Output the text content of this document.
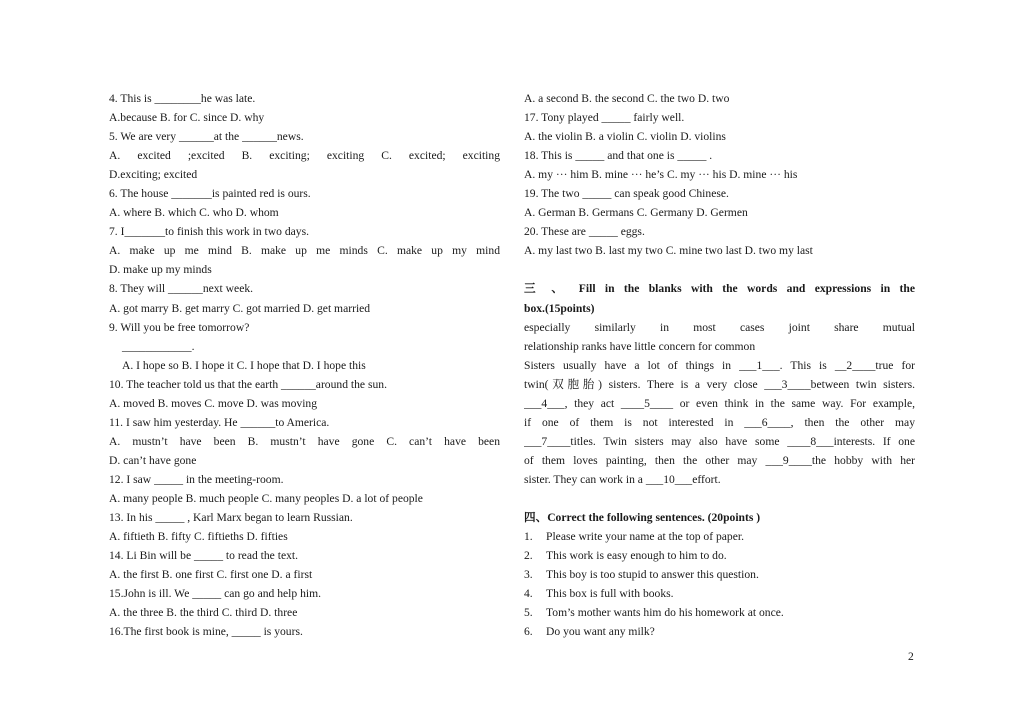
4. This is ________he was late.
A.because B. for C. since D. why
5. We are very ______at the ______news.
A. excited ;excited B. exciting; exciting C. excited; exciting
D.exciting; excited
6. The house _______is painted red is ours.
A. where B. which C. who D. whom
7. I_______to finish this work in two days.
A. make up me mind B. make up me minds C. make up my mind
D. make up my minds
8. They will ______next week.
A. got marry B. get marry C. got married D. get married
9. Will you be free tomorrow?
____________.
A. I hope so B. I hope it C. I hope that D. I hope this
10. The teacher told us that the earth ______around the sun.
A. moved B. moves C. move D. was moving
11. I saw him yesterday. He ______to America.
A. mustn’t have been B. mustn’t have gone C. can’t have been
D. can’t have gone
12. I saw _____ in the meeting-room.
A. many people B. much people C. many peoples D. a lot of people
13. In his _____ , Karl Marx began to learn Russian.
A. fiftieth B. fifty C. fiftieths D. fifties
14. Li Bin will be _____ to read the text.
A. the first B. one first C. first one D. a first
15.John is ill. We _____ can go and help him.
A. the three B. the third C. third D. three
16.The first book is mine, _____ is yours.
A. a second B. the second C. the two D. two
17. Tony played _____ fairly well.
A. the violin B. a violin C. violin D. violins
18. This is _____ and that one is _____ .
A. my ··· him B. mine ··· he’s C. my ··· his D. mine ··· his
19. The two _____ can speak good Chinese.
A. German B. Germans C. Germany D. Germen
20. These are _____ eggs.
A. my last two B. last my two C. mine two last D. two my last
三 、 Fill in the blanks with the words and expressions in the
box.(15points)
especially similarly in most cases joint share mutual
relationship ranks have little concern for common
Sisters usually have a lot of things in ___1___. This is __2____true for
twin(双胞胎) sisters. There is a very close ___3____between twin sisters.
___4___, they act ____5____ or even think in the same way. For example,
if one of them is not interested in ___6____, then the other may
___7____titles. Twin sisters may also have some ____8___interests. If one
of them loves painting, then the other may ___9____the hobby with her
sister. They can work in a ___10___effort.
四、Correct the following sentences. (20points )
1. Please write your name at the top of paper.
2. This work is easy enough to him to do.
3. This boy is too stupid to answer this question.
4. This box is full with books.
5. Tom’s mother wants him do his homework at once.
6. Do you want any milk?
2
